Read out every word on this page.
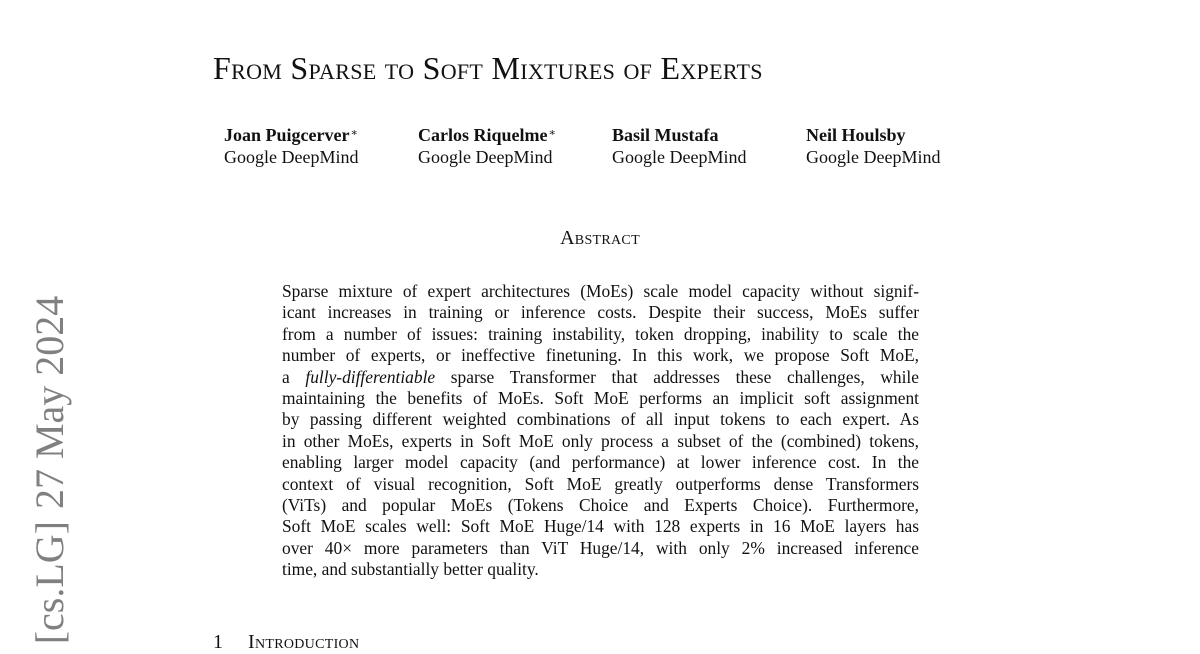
From Sparse to Soft Mixtures of Experts
Joan Puigcerver∗
Google DeepMind
Carlos Riquelme∗
Google DeepMind
Basil Mustafa
Google DeepMind
Neil Houlsby
Google DeepMind
Abstract
Sparse mixture of expert architectures (MoEs) scale model capacity without signif-
icant increases in training or inference costs. Despite their success, MoEs suffer
from a number of issues: training instability, token dropping, inability to scale the
number of experts, or ineffective finetuning. In this work, we propose Soft MoE,
a fully-differentiable sparse Transformer that addresses these challenges, while
maintaining the benefits of MoEs. Soft MoE performs an implicit soft assignment
by passing different weighted combinations of all input tokens to each expert. As
in other MoEs, experts in Soft MoE only process a subset of the (combined) tokens,
enabling larger model capacity (and performance) at lower inference cost. In the
context of visual recognition, Soft MoE greatly outperforms dense Transformers
(ViTs) and popular MoEs (Tokens Choice and Experts Choice). Furthermore,
Soft MoE scales well: Soft MoE Huge/14 with 128 experts in 16 MoE layers has
over 40× more parameters than ViT Huge/14, with only 2% increased inference
time, and substantially better quality.
1 Introduction
[cs.LG]27 May 2024
